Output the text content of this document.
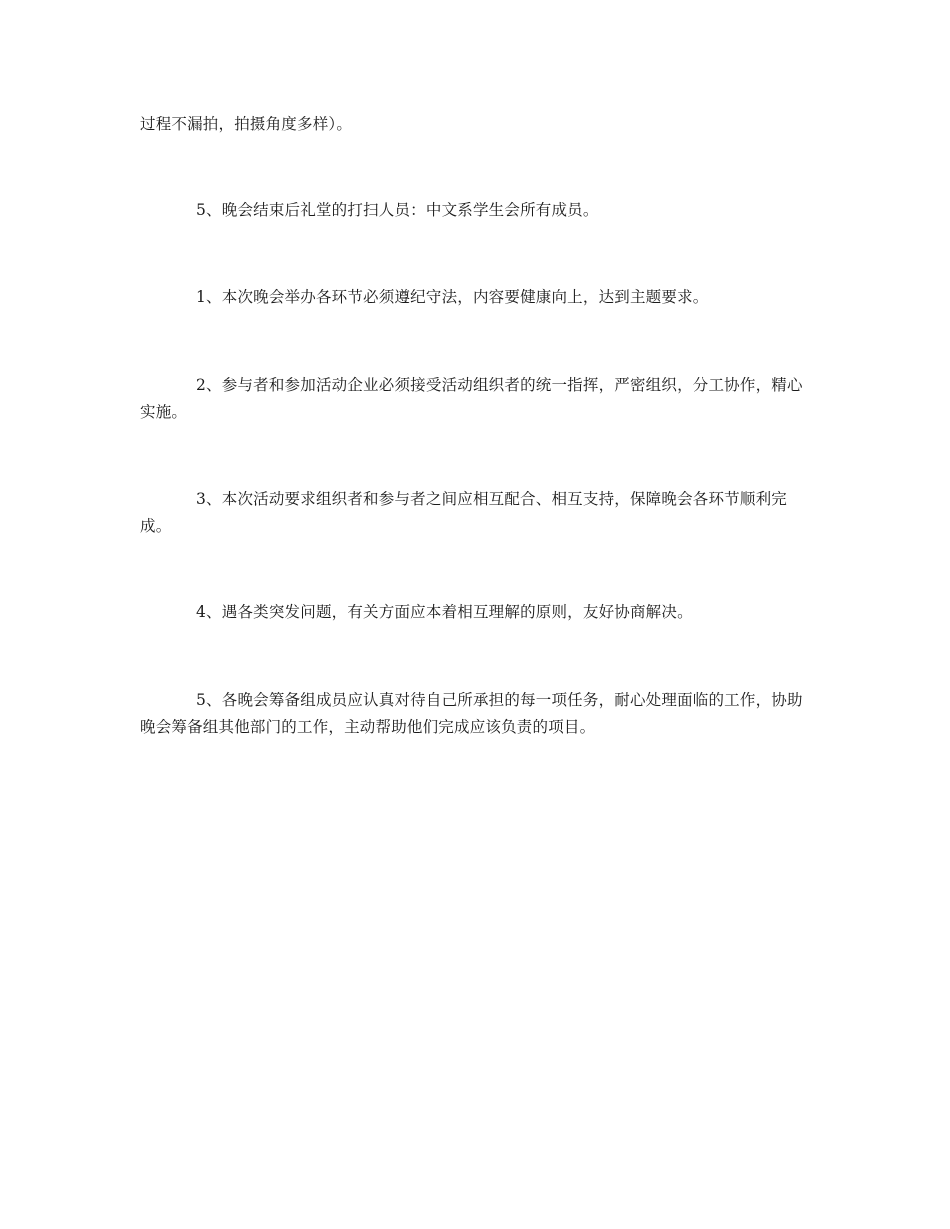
过程不漏拍，拍摄角度多样）。

5、晚会结束后礼堂的打扫人员：中文系学生会所有成员。

1、本次晚会举办各环节必须遵纪守法，内容要健康向上，达到主题要求。

2、参与者和参加活动企业必须接受活动组织者的统一指挥，严密组织，分工协作，精心实施。

3、本次活动要求组织者和参与者之间应相互配合、相互支持，保障晚会各环节顺利完成。

4、遇各类突发问题，有关方面应本着相互理解的原则，友好协商解决。

5、各晚会筹备组成员应认真对待自己所承担的每一项任务，耐心处理面临的工作，协助晚会筹备组其他部门的工作，主动帮助他们完成应该负责的项目。
